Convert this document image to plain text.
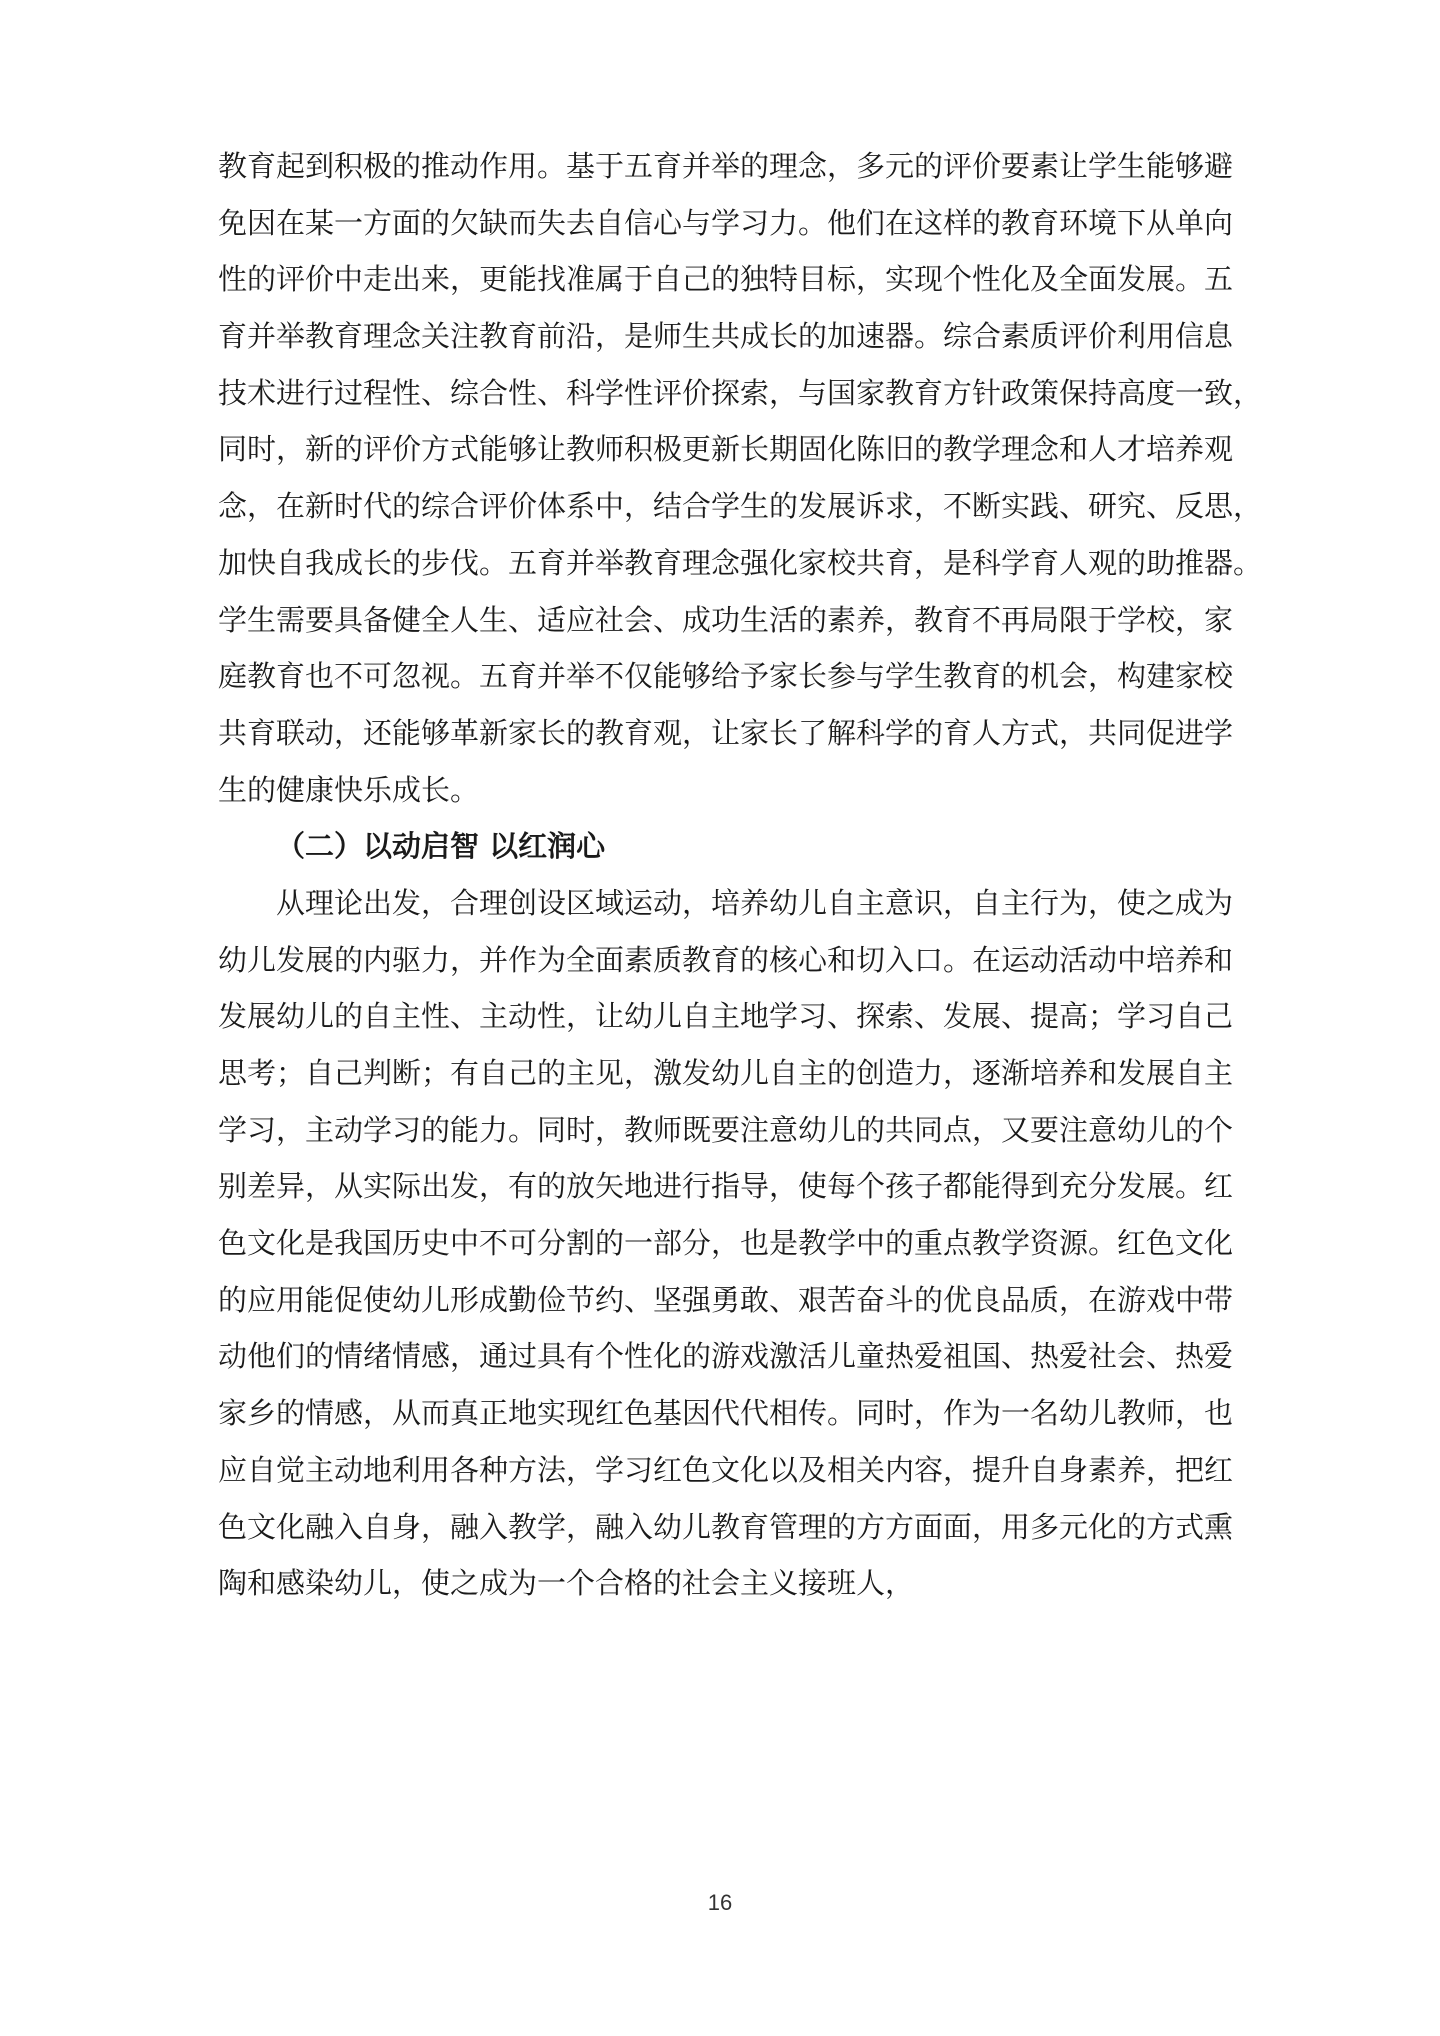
教育起到积极的推动作用。基于五育并举的理念，多元的评价要素让学生能够避
免因在某一方面的欠缺而失去自信心与学习力。他们在这样的教育环境下从单向
性的评价中走出来，更能找准属于自己的独特目标，实现个性化及全面发展。五
育并举教育理念关注教育前沿，是师生共成长的加速器。综合素质评价利用信息
技术进行过程性、综合性、科学性评价探索，与国家教育方针政策保持高度一致，
同时，新的评价方式能够让教师积极更新长期固化陈旧的教学理念和人才培养观
念，在新时代的综合评价体系中，结合学生的发展诉求，不断实践、研究、反思，
加快自我成长的步伐。五育并举教育理念强化家校共育，是科学育人观的助推器。
学生需要具备健全人生、适应社会、成功生活的素养，教育不再局限于学校，家
庭教育也不可忽视。五育并举不仅能够给予家长参与学生教育的机会，构建家校
共育联动，还能够革新家长的教育观，让家长了解科学的育人方式，共同促进学
生的健康快乐成长。
（二）以动启智 以红润心
从理论出发，合理创设区域运动，培养幼儿自主意识，自主行为，使之成为
幼儿发展的内驱力，并作为全面素质教育的核心和切入口。在运动活动中培养和
发展幼儿的自主性、主动性，让幼儿自主地学习、探索、发展、提高；学习自己
思考；自己判断；有自己的主见，激发幼儿自主的创造力，逐渐培养和发展自主
学习，主动学习的能力。同时，教师既要注意幼儿的共同点，又要注意幼儿的个
别差异，从实际出发，有的放矢地进行指导，使每个孩子都能得到充分发展。红
色文化是我国历史中不可分割的一部分，也是教学中的重点教学资源。红色文化
的应用能促使幼儿形成勤俭节约、坚强勇敢、艰苦奋斗的优良品质，在游戏中带
动他们的情绪情感，通过具有个性化的游戏激活儿童热爱祖国、热爱社会、热爱
家乡的情感，从而真正地实现红色基因代代相传。同时，作为一名幼儿教师，也
应自觉主动地利用各种方法，学习红色文化以及相关内容，提升自身素养，把红
色文化融入自身，融入教学，融入幼儿教育管理的方方面面，用多元化的方式熏
陶和感染幼儿，使之成为一个合格的社会主义接班人，
16
